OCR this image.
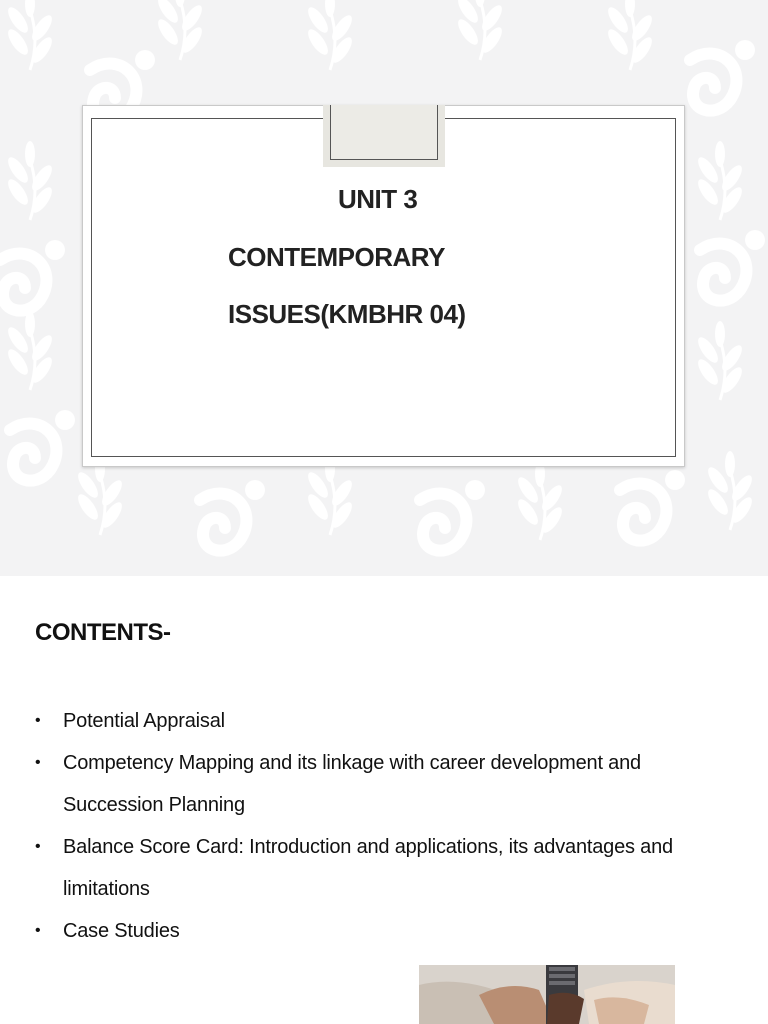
UNIT 3
CONTEMPORARY
ISSUES(KMBHR 04)
CONTENTS-
• Potential Appraisal
• Competency Mapping and its linkage with career development and Succession Planning
• Balance Score Card: Introduction and applications, its advantages and limitations
• Case Studies
